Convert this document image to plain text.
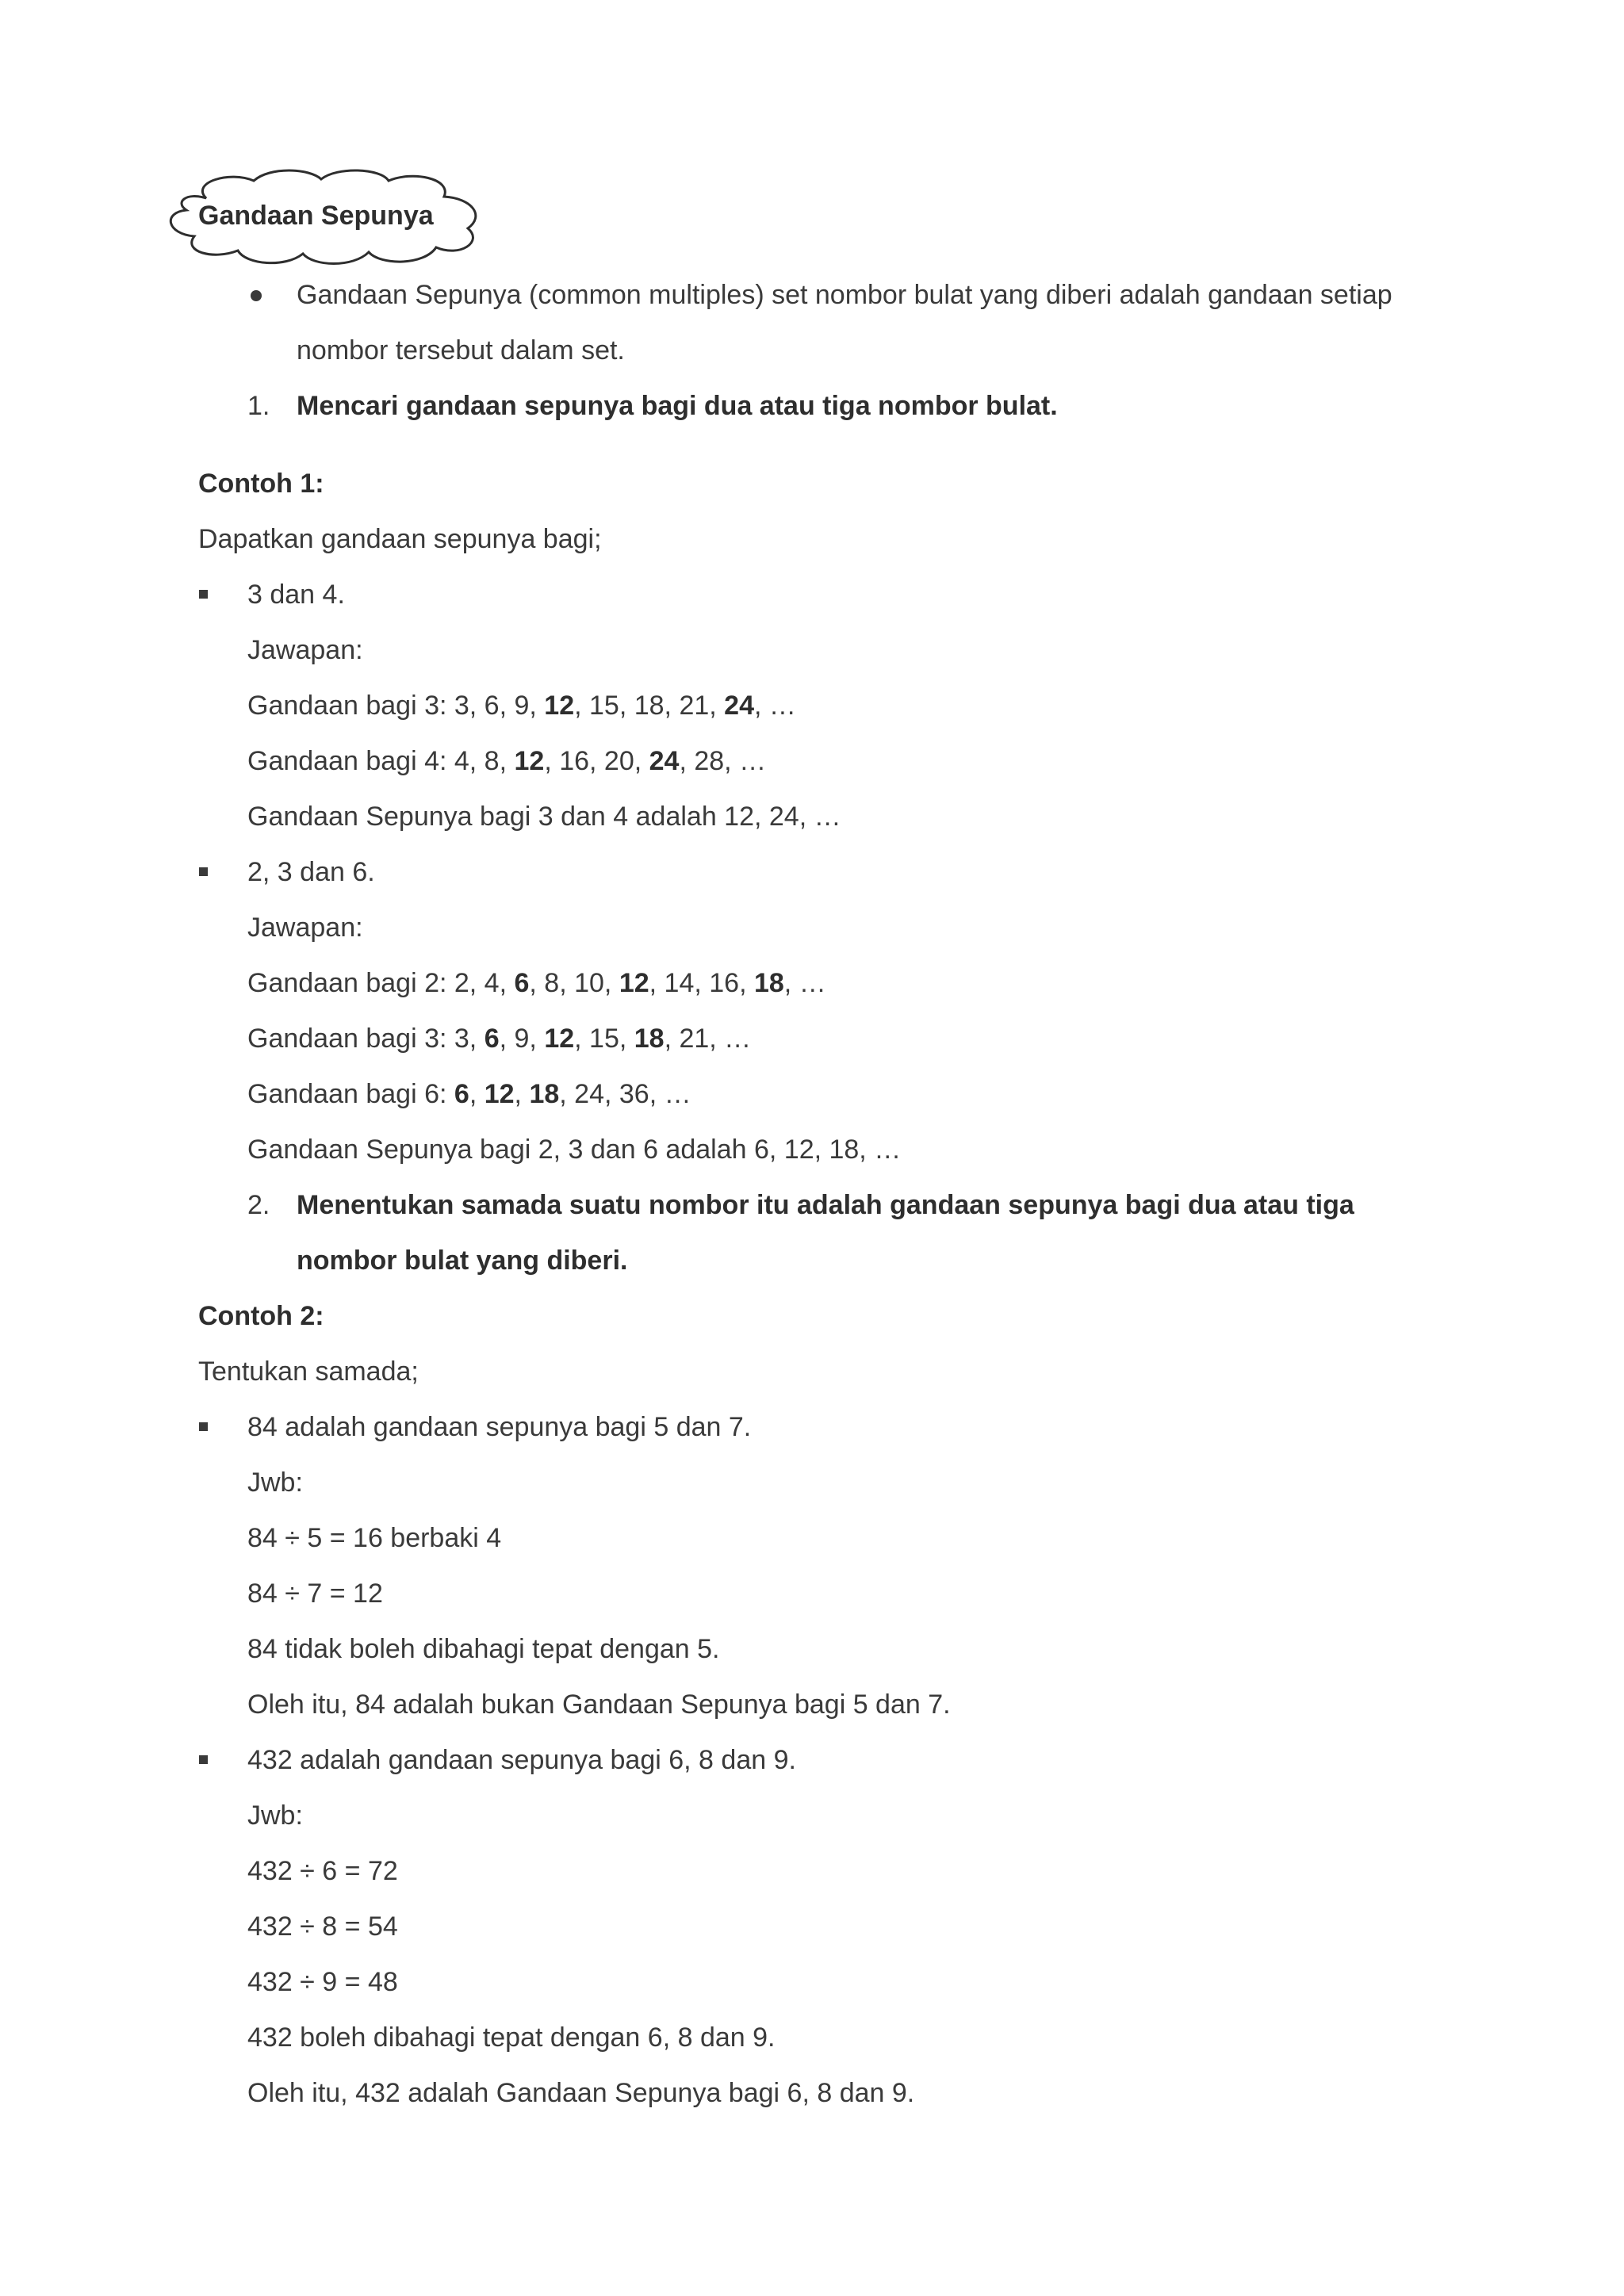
Gandaan Sepunya
Gandaan Sepunya (common multiples) set nombor bulat yang diberi adalah gandaan setiap
nombor tersebut dalam set.
1. Mencari gandaan sepunya bagi dua atau tiga nombor bulat.
Contoh 1:
Dapatkan gandaan sepunya bagi;
3 dan 4.
Jawapan:
Gandaan bagi 3: 3, 6, 9, 12, 15, 18, 21, 24, …
Gandaan bagi 4: 4, 8, 12, 16, 20, 24, 28, …
Gandaan Sepunya bagi 3 dan 4 adalah 12, 24, …
2, 3 dan 6.
Jawapan:
Gandaan bagi 2: 2, 4, 6, 8, 10, 12, 14, 16, 18, …
Gandaan bagi 3: 3, 6, 9, 12, 15, 18, 21, …
Gandaan bagi 6: 6, 12, 18, 24, 36, …
Gandaan Sepunya bagi 2, 3 dan 6 adalah 6, 12, 18, …
2. Menentukan samada suatu nombor itu adalah gandaan sepunya bagi dua atau tiga
nombor bulat yang diberi.
Contoh 2:
Tentukan samada;
84 adalah gandaan sepunya bagi 5 dan 7.
Jwb:
84 ÷ 5 = 16 berbaki 4
84 ÷ 7 = 12
84 tidak boleh dibahagi tepat dengan 5.
Oleh itu, 84 adalah bukan Gandaan Sepunya bagi 5 dan 7.
432 adalah gandaan sepunya bagi 6, 8 dan 9.
Jwb:
432 ÷ 6 = 72
432 ÷ 8 = 54
432 ÷ 9 = 48
432 boleh dibahagi tepat dengan 6, 8 dan 9.
Oleh itu, 432 adalah Gandaan Sepunya bagi 6, 8 dan 9.
